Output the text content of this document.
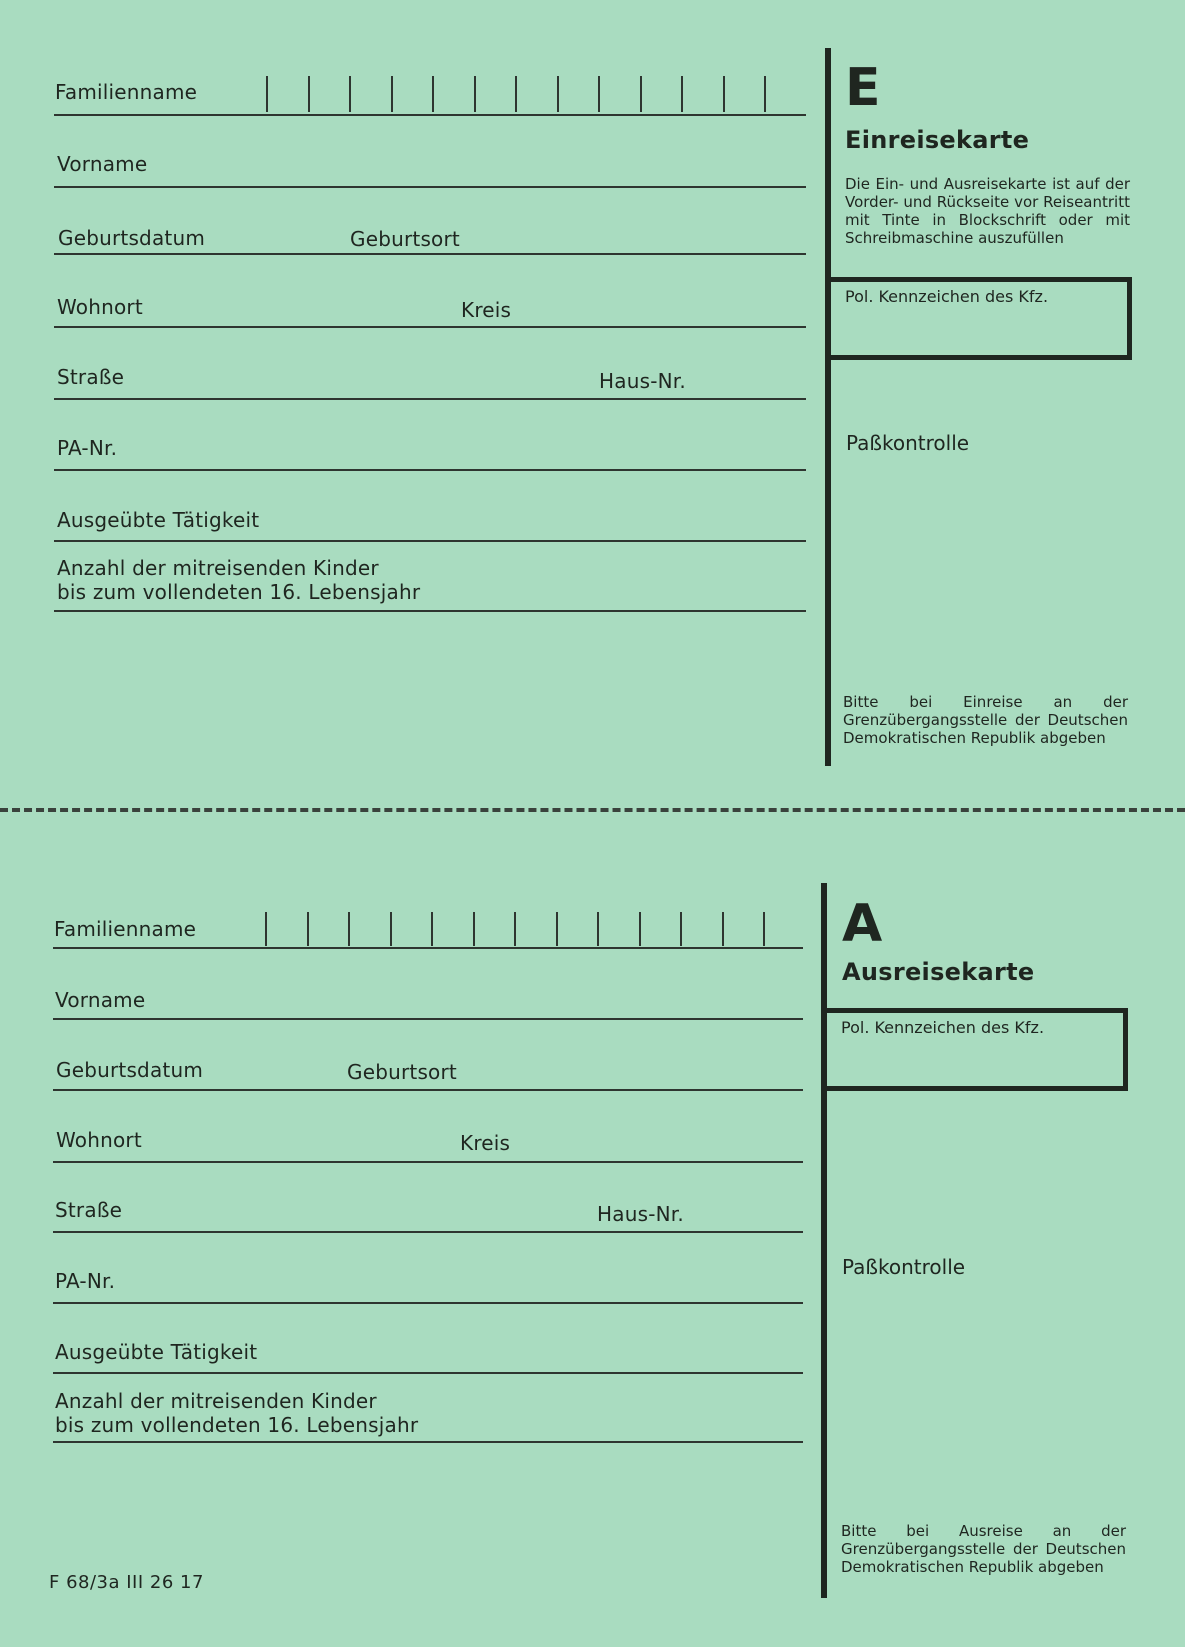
Familienname
Vorname
Geburtsdatum	Geburtsort
Wohnort	Kreis
Straße	Haus-Nr.
PA-Nr.
Ausgeübte Tätigkeit
Anzahl der mitreisenden Kinder
bis zum vollendeten 16. Lebensjahr
E
Einreisekarte
Die Ein- und Ausreisekarte ist auf der Vorder- und Rückseite vor Reiseantritt mit Tinte in Blockschrift oder mit Schreibmaschine auszufüllen
Pol. Kennzeichen des Kfz.
Paßkontrolle
Bitte bei Einreise an der Grenzübergangsstelle der Deutschen Demokratischen Republik abgeben
Familienname
Vorname
Geburtsdatum	Geburtsort
Wohnort	Kreis
Straße	Haus-Nr.
PA-Nr.
Ausgeübte Tätigkeit
Anzahl der mitreisenden Kinder
bis zum vollendeten 16. Lebensjahr
A
Ausreisekarte
Pol. Kennzeichen des Kfz.
Paßkontrolle
Bitte bei Ausreise an der Grenzübergangsstelle der Deutschen Demokratischen Republik abgeben
F 68/3a III 26 17
